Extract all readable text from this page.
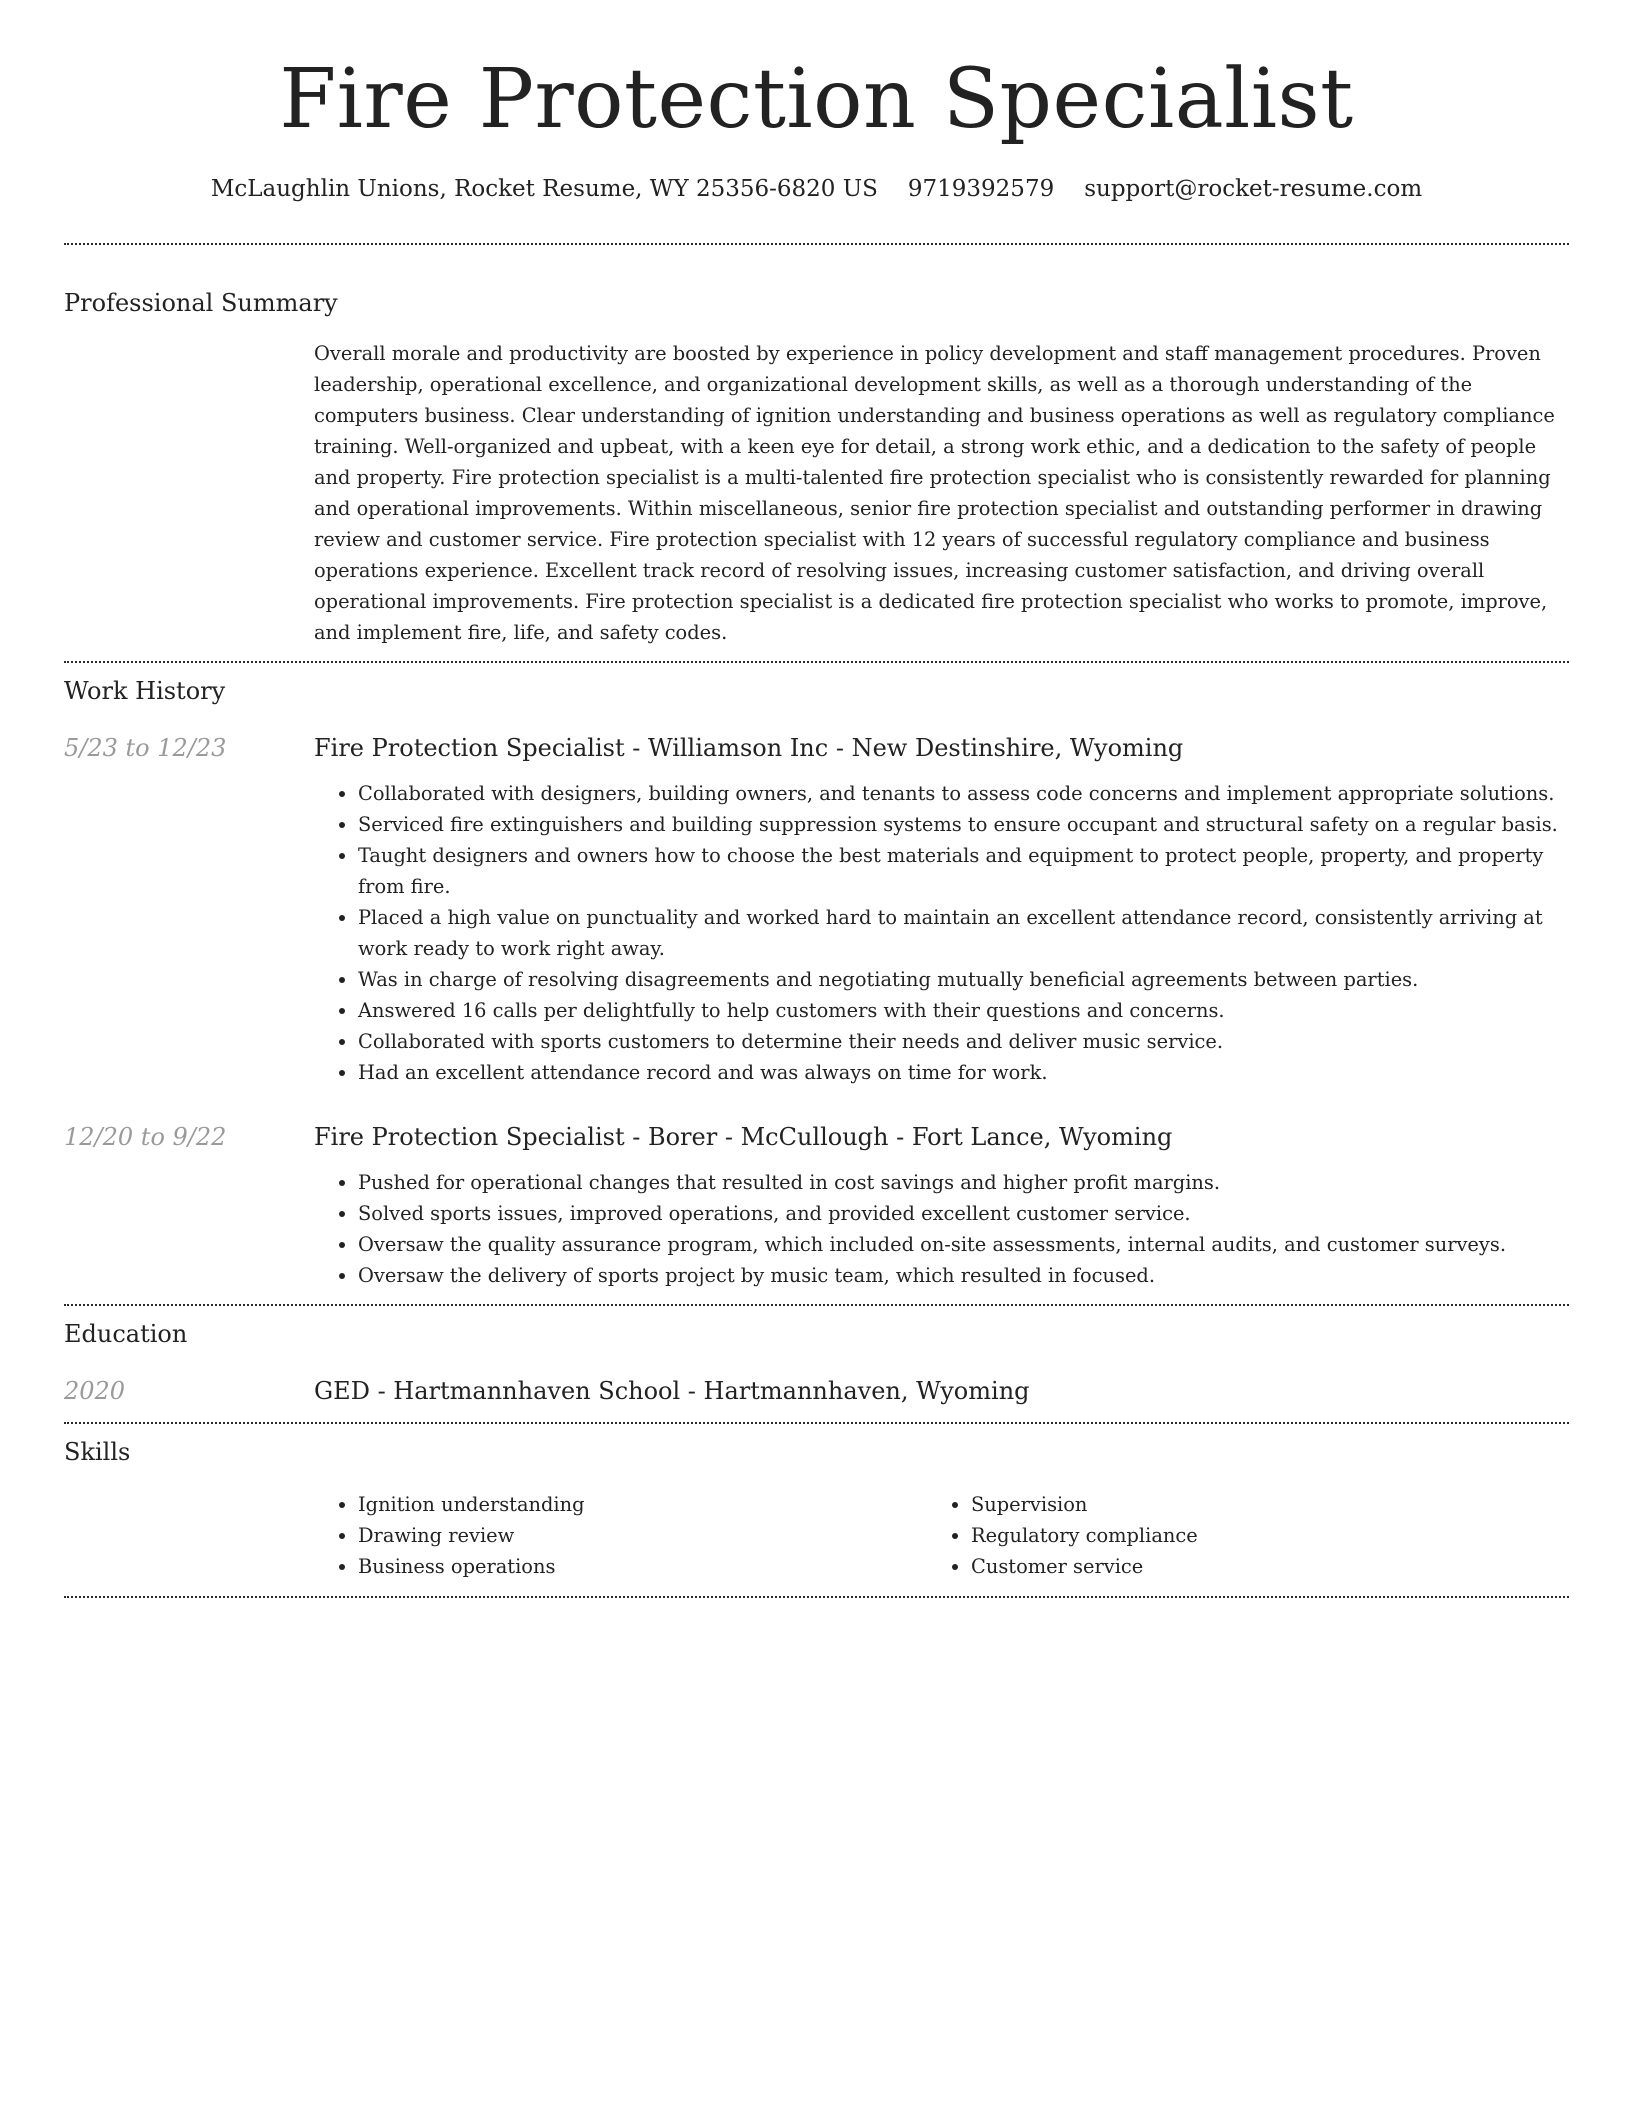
Fire Protection Specialist
McLaughlin Unions, Rocket Resume, WY 25356-6820 US 9719392579 support@rocket-resume.com
Professional Summary
Overall morale and productivity are boosted by experience in policy development and staff management procedures. Proven leadership, operational excellence, and organizational development skills, as well as a thorough understanding of the computers business. Clear understanding of ignition understanding and business operations as well as regulatory compliance training. Well-organized and upbeat, with a keen eye for detail, a strong work ethic, and a dedication to the safety of people and property. Fire protection specialist is a multi-talented fire protection specialist who is consistently rewarded for planning and operational improvements. Within miscellaneous, senior fire protection specialist and outstanding performer in drawing review and customer service. Fire protection specialist with 12 years of successful regulatory compliance and business operations experience. Excellent track record of resolving issues, increasing customer satisfaction, and driving overall operational improvements. Fire protection specialist is a dedicated fire protection specialist who works to promote, improve, and implement fire, life, and safety codes.
Work History
5/23 to 12/23	Fire Protection Specialist - Williamson Inc - New Destinshire, Wyoming
• Collaborated with designers, building owners, and tenants to assess code concerns and implement appropriate solutions.
• Serviced fire extinguishers and building suppression systems to ensure occupant and structural safety on a regular basis.
• Taught designers and owners how to choose the best materials and equipment to protect people, property, and property from fire.
• Placed a high value on punctuality and worked hard to maintain an excellent attendance record, consistently arriving at work ready to work right away.
• Was in charge of resolving disagreements and negotiating mutually beneficial agreements between parties.
• Answered 16 calls per delightfully to help customers with their questions and concerns.
• Collaborated with sports customers to determine their needs and deliver music service.
• Had an excellent attendance record and was always on time for work.
12/20 to 9/22	Fire Protection Specialist - Borer - McCullough - Fort Lance, Wyoming
• Pushed for operational changes that resulted in cost savings and higher profit margins.
• Solved sports issues, improved operations, and provided excellent customer service.
• Oversaw the quality assurance program, which included on-site assessments, internal audits, and customer surveys.
• Oversaw the delivery of sports project by music team, which resulted in focused.
Education
2020	GED - Hartmannhaven School - Hartmannhaven, Wyoming
Skills
• Ignition understanding
• Drawing review
• Business operations
• Supervision
• Regulatory compliance
• Customer service
